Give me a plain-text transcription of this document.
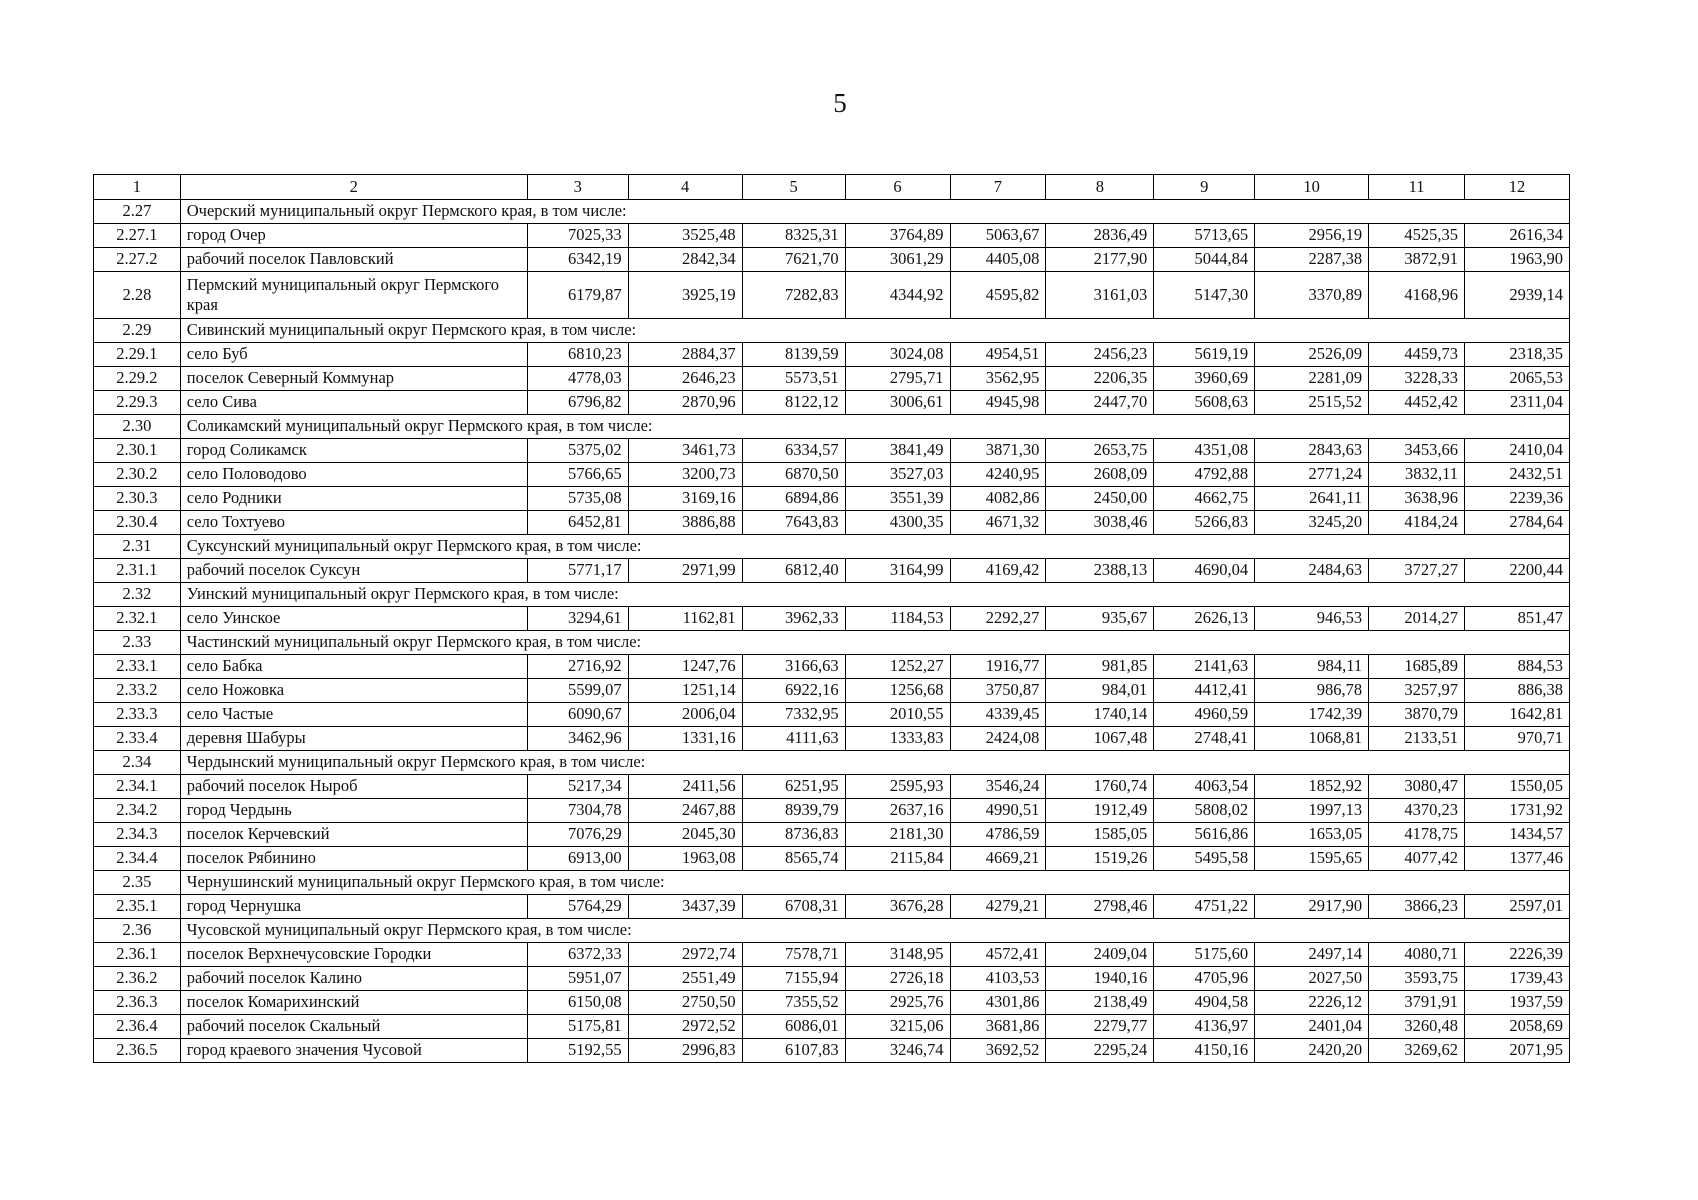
5
1	2	3	4	5	6	7	8	9	10	11	12
2.27	Очерский муниципальный округ Пермского края, в том числе:										
2.27.1	город Очер	7025,33	3525,48	8325,31	3764,89	5063,67	2836,49	5713,65	2956,19	4525,35	2616,34
2.27.2	рабочий поселок Павловский	6342,19	2842,34	7621,70	3061,29	4405,08	2177,90	5044,84	2287,38	3872,91	1963,90
2.28	Пермский муниципальный округ Пермского края	6179,87	3925,19	7282,83	4344,92	4595,82	3161,03	5147,30	3370,89	4168,96	2939,14
2.29	Сивинский муниципальный округ Пермского края, в том числе:										
2.29.1	село Буб	6810,23	2884,37	8139,59	3024,08	4954,51	2456,23	5619,19	2526,09	4459,73	2318,35
2.29.2	поселок Северный Коммунар	4778,03	2646,23	5573,51	2795,71	3562,95	2206,35	3960,69	2281,09	3228,33	2065,53
2.29.3	село Сива	6796,82	2870,96	8122,12	3006,61	4945,98	2447,70	5608,63	2515,52	4452,42	2311,04
2.30	Соликамский муниципальный округ Пермского края, в том числе:										
2.30.1	город Соликамск	5375,02	3461,73	6334,57	3841,49	3871,30	2653,75	4351,08	2843,63	3453,66	2410,04
2.30.2	село Половодово	5766,65	3200,73	6870,50	3527,03	4240,95	2608,09	4792,88	2771,24	3832,11	2432,51
2.30.3	село Родники	5735,08	3169,16	6894,86	3551,39	4082,86	2450,00	4662,75	2641,11	3638,96	2239,36
2.30.4	село Тохтуево	6452,81	3886,88	7643,83	4300,35	4671,32	3038,46	5266,83	3245,20	4184,24	2784,64
2.31	Суксунский муниципальный округ Пермского края, в том числе:										
2.31.1	рабочий поселок Суксун	5771,17	2971,99	6812,40	3164,99	4169,42	2388,13	4690,04	2484,63	3727,27	2200,44
2.32	Уинский муниципальный округ Пермского края, в том числе:										
2.32.1	село Уинское	3294,61	1162,81	3962,33	1184,53	2292,27	935,67	2626,13	946,53	2014,27	851,47
2.33	Частинский муниципальный округ Пермского края, в том числе:										
2.33.1	село Бабка	2716,92	1247,76	3166,63	1252,27	1916,77	981,85	2141,63	984,11	1685,89	884,53
2.33.2	село Ножовка	5599,07	1251,14	6922,16	1256,68	3750,87	984,01	4412,41	986,78	3257,97	886,38
2.33.3	село Частые	6090,67	2006,04	7332,95	2010,55	4339,45	1740,14	4960,59	1742,39	3870,79	1642,81
2.33.4	деревня Шабуры	3462,96	1331,16	4111,63	1333,83	2424,08	1067,48	2748,41	1068,81	2133,51	970,71
2.34	Чердынский муниципальный округ Пермского края, в том числе:										
2.34.1	рабочий поселок Ныроб	5217,34	2411,56	6251,95	2595,93	3546,24	1760,74	4063,54	1852,92	3080,47	1550,05
2.34.2	город Чердынь	7304,78	2467,88	8939,79	2637,16	4990,51	1912,49	5808,02	1997,13	4370,23	1731,92
2.34.3	поселок Керчевский	7076,29	2045,30	8736,83	2181,30	4786,59	1585,05	5616,86	1653,05	4178,75	1434,57
2.34.4	поселок Рябинино	6913,00	1963,08	8565,74	2115,84	4669,21	1519,26	5495,58	1595,65	4077,42	1377,46
2.35	Чернушинский муниципальный округ Пермского края, в том числе:										
2.35.1	город Чернушка	5764,29	3437,39	6708,31	3676,28	4279,21	2798,46	4751,22	2917,90	3866,23	2597,01
2.36	Чусовской муниципальный округ Пермского края, в том числе:										
2.36.1	поселок Верхнечусовские Городки	6372,33	2972,74	7578,71	3148,95	4572,41	2409,04	5175,60	2497,14	4080,71	2226,39
2.36.2	рабочий поселок Калино	5951,07	2551,49	7155,94	2726,18	4103,53	1940,16	4705,96	2027,50	3593,75	1739,43
2.36.3	поселок Комарихинский	6150,08	2750,50	7355,52	2925,76	4301,86	2138,49	4904,58	2226,12	3791,91	1937,59
2.36.4	рабочий поселок Скальный	5175,81	2972,52	6086,01	3215,06	3681,86	2279,77	4136,97	2401,04	3260,48	2058,69
2.36.5	город краевого значения Чусовой	5192,55	2996,83	6107,83	3246,74	3692,52	2295,24	4150,16	2420,20	3269,62	2071,95
